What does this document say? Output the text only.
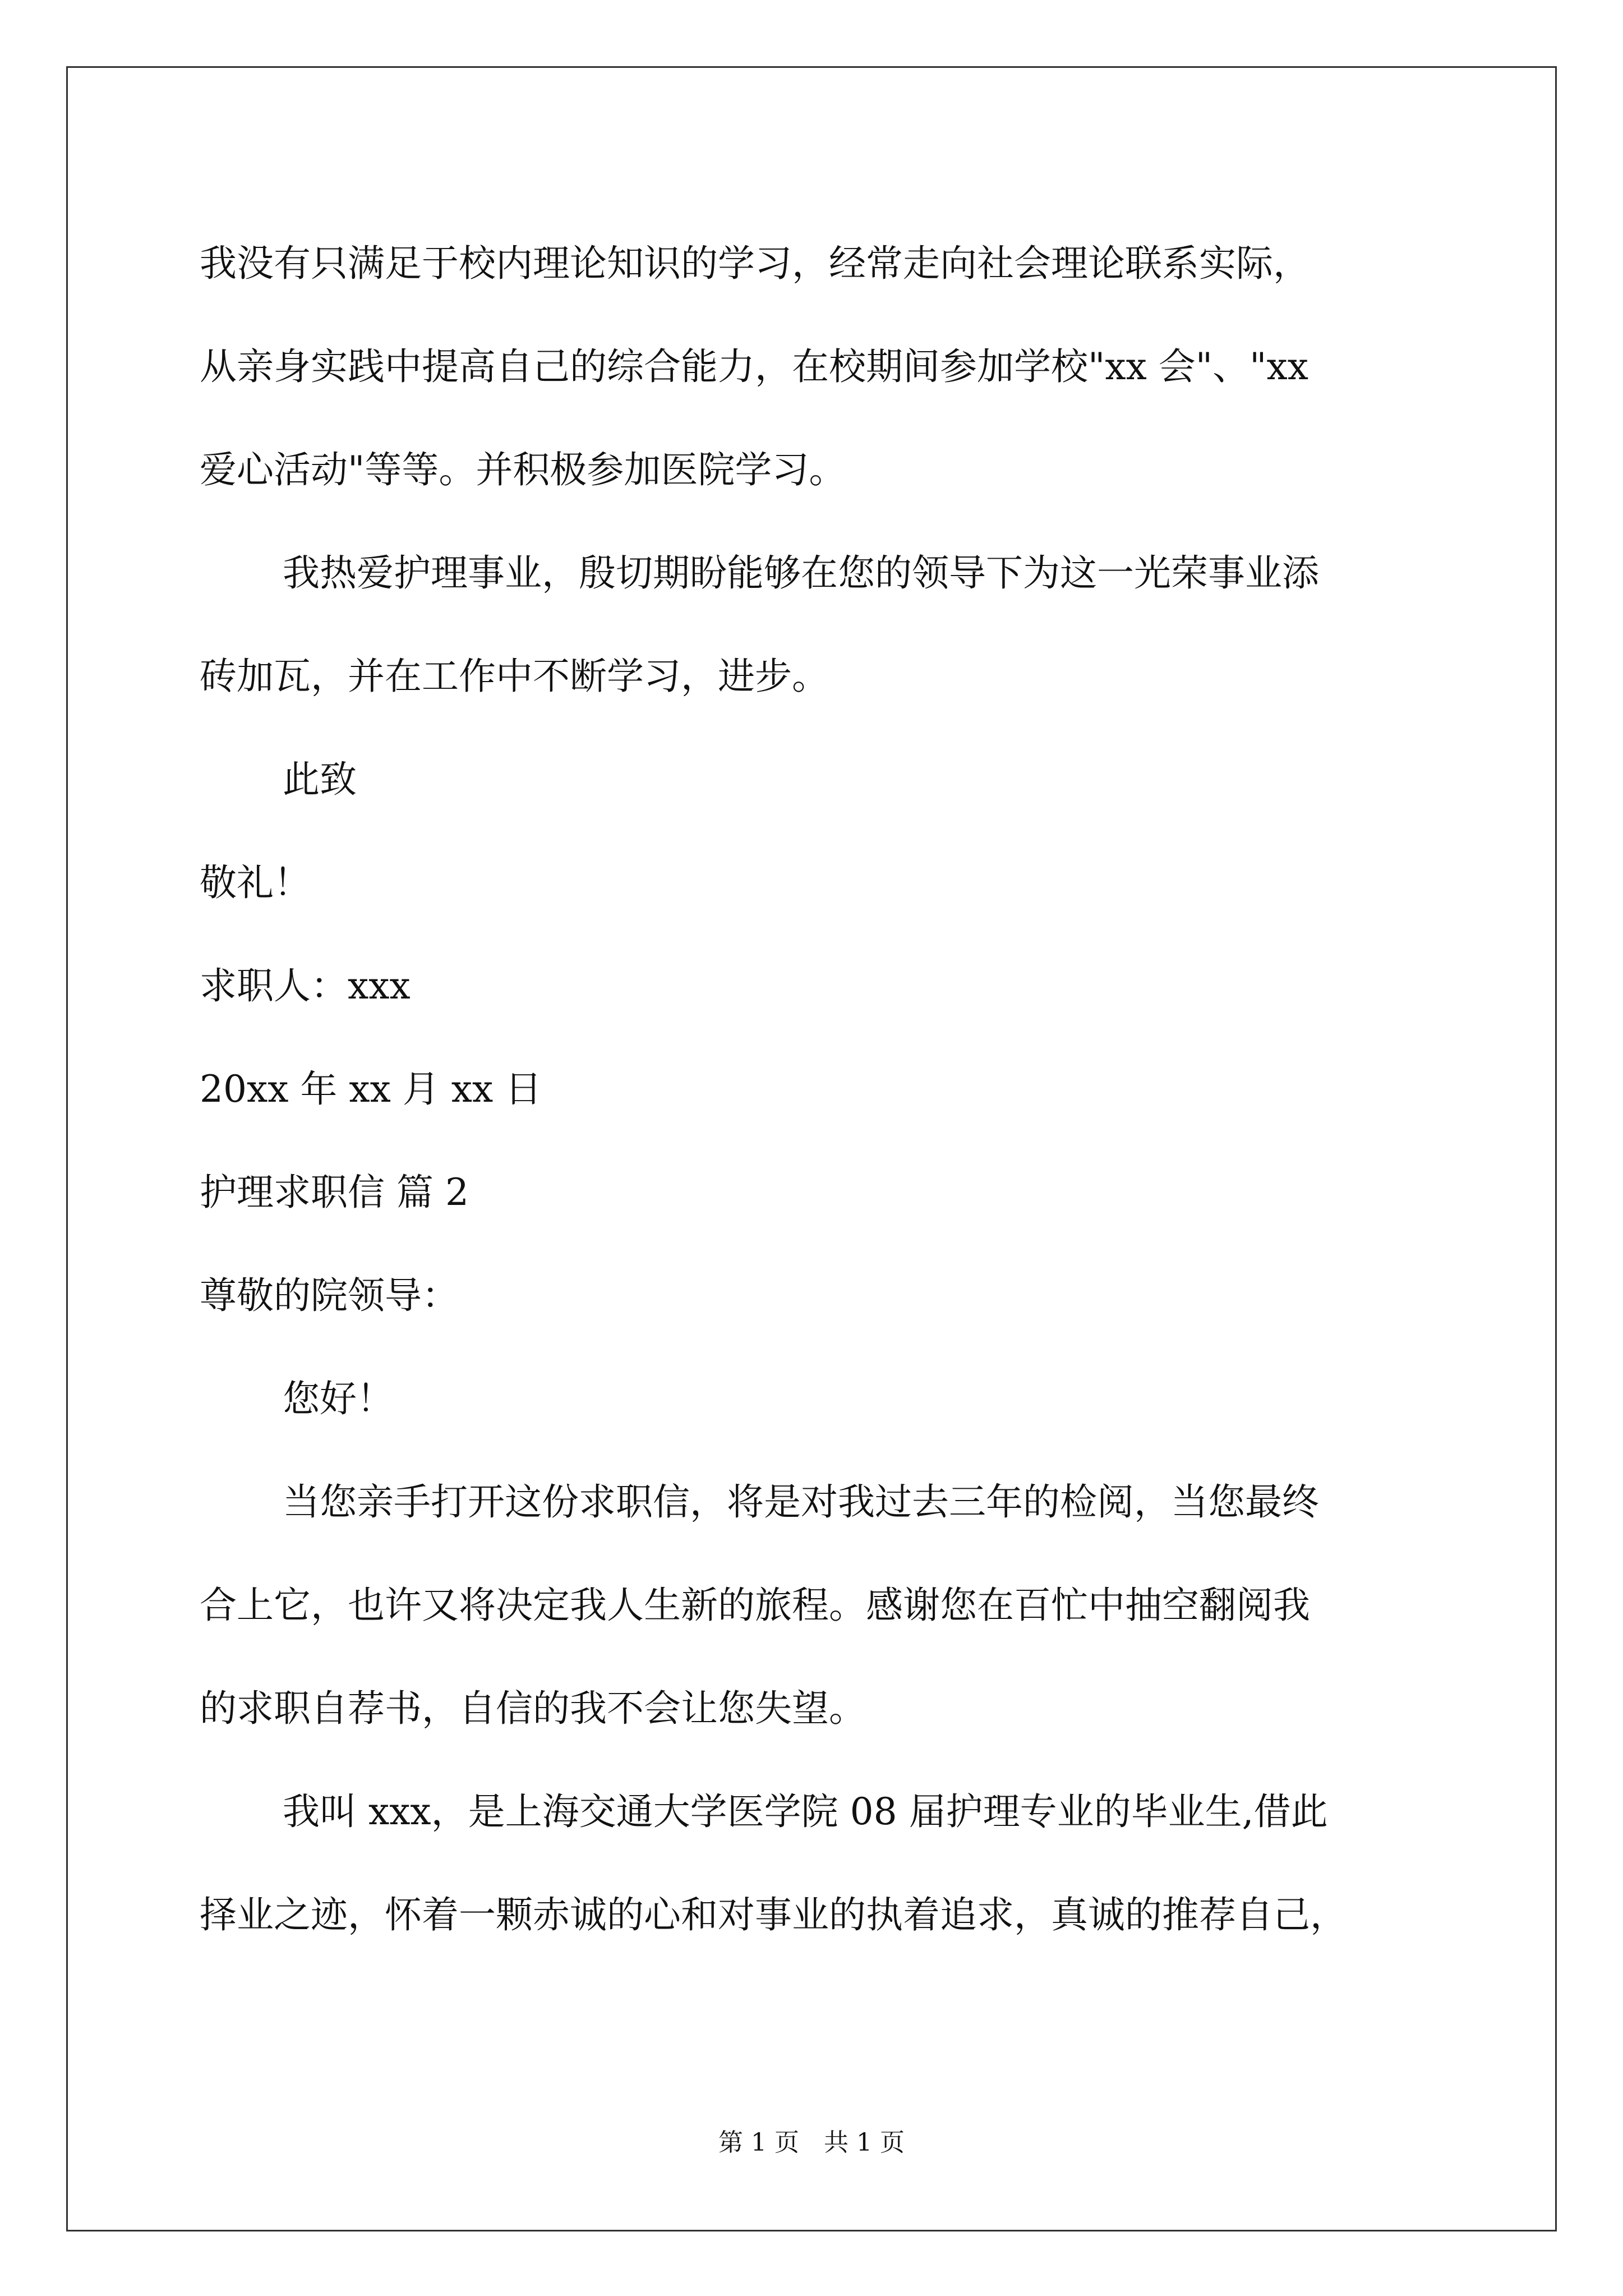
我没有只满足于校内理论知识的学习，经常走向社会理论联系实际，
从亲身实践中提高自己的综合能力，在校期间参加学校"xx 会"、"xx
爱心活动"等等。并积极参加医院学习。
我热爱护理事业，殷切期盼能够在您的领导下为这一光荣事业添
砖加瓦，并在工作中不断学习，进步。
此致
敬礼！
求职人：xxx
20xx 年 xx 月 xx 日
护理求职信 篇 2
尊敬的院领导：
您好！
当您亲手打开这份求职信，将是对我过去三年的检阅，当您最终
合上它，也许又将决定我人生新的旅程。感谢您在百忙中抽空翻阅我
的求职自荐书，自信的我不会让您失望。
我叫 xxx，是上海交通大学医学院 08 届护理专业的毕业生,借此
择业之迹，怀着一颗赤诚的心和对事业的执着追求，真诚的推荐自己，
第 1 页　共 1 页
